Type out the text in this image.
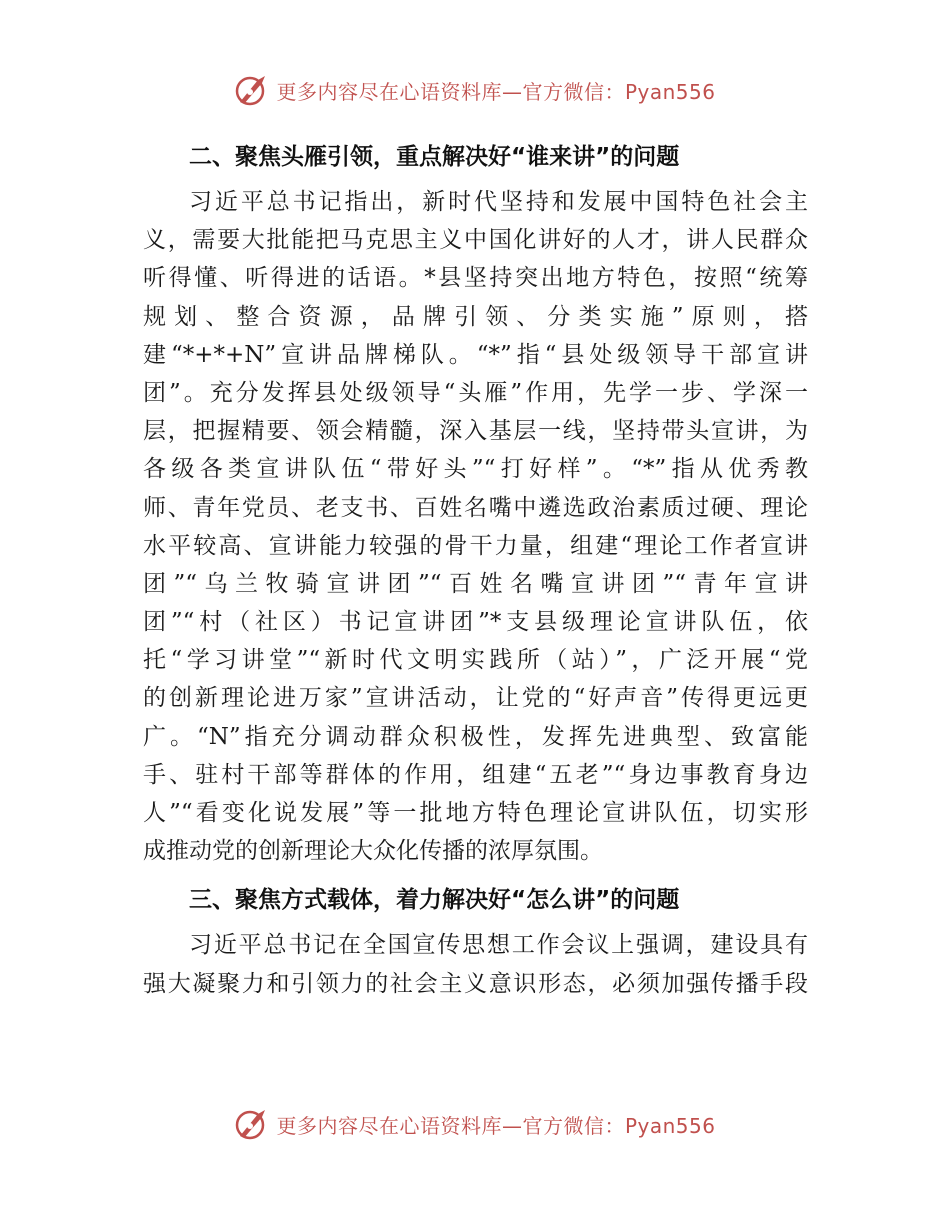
更多内容尽在心语资料库—官方微信：Pyan556
二、聚焦头雁引领，重点解决好“谁来讲”的问题
习近平总书记指出，新时代坚持和发展中国特色社会主
义，需要大批能把马克思主义中国化讲好的人才，讲人民群众
听得懂、听得进的话语。*县坚持突出地方特色，按照“统筹
规划、整合资源，品牌引领、分类实施”原则，搭
建“*+*+N”宣讲品牌梯队。“*”指“县处级领导干部宣讲
团”。充分发挥县处级领导“头雁”作用，先学一步、学深一
层，把握精要、领会精髓，深入基层一线，坚持带头宣讲，为
各级各类宣讲队伍“带好头”“打好样”。“*”指从优秀教
师、青年党员、老支书、百姓名嘴中遴选政治素质过硬、理论
水平较高、宣讲能力较强的骨干力量，组建“理论工作者宣讲
团”“乌兰牧骑宣讲团”“百姓名嘴宣讲团”“青年宣讲
团”“村（社区）书记宣讲团”*支县级理论宣讲队伍，依
托“学习讲堂”“新时代文明实践所（站）”，广泛开展“党
的创新理论进万家”宣讲活动，让党的“好声音”传得更远更
广。“N”指充分调动群众积极性，发挥先进典型、致富能
手、驻村干部等群体的作用，组建“五老”“身边事教育身边
人”“看变化说发展”等一批地方特色理论宣讲队伍，切实形
成推动党的创新理论大众化传播的浓厚氛围。
三、聚焦方式载体，着力解决好“怎么讲”的问题
习近平总书记在全国宣传思想工作会议上强调，建设具有
强大凝聚力和引领力的社会主义意识形态，必须加强传播手段
更多内容尽在心语资料库—官方微信：Pyan556
